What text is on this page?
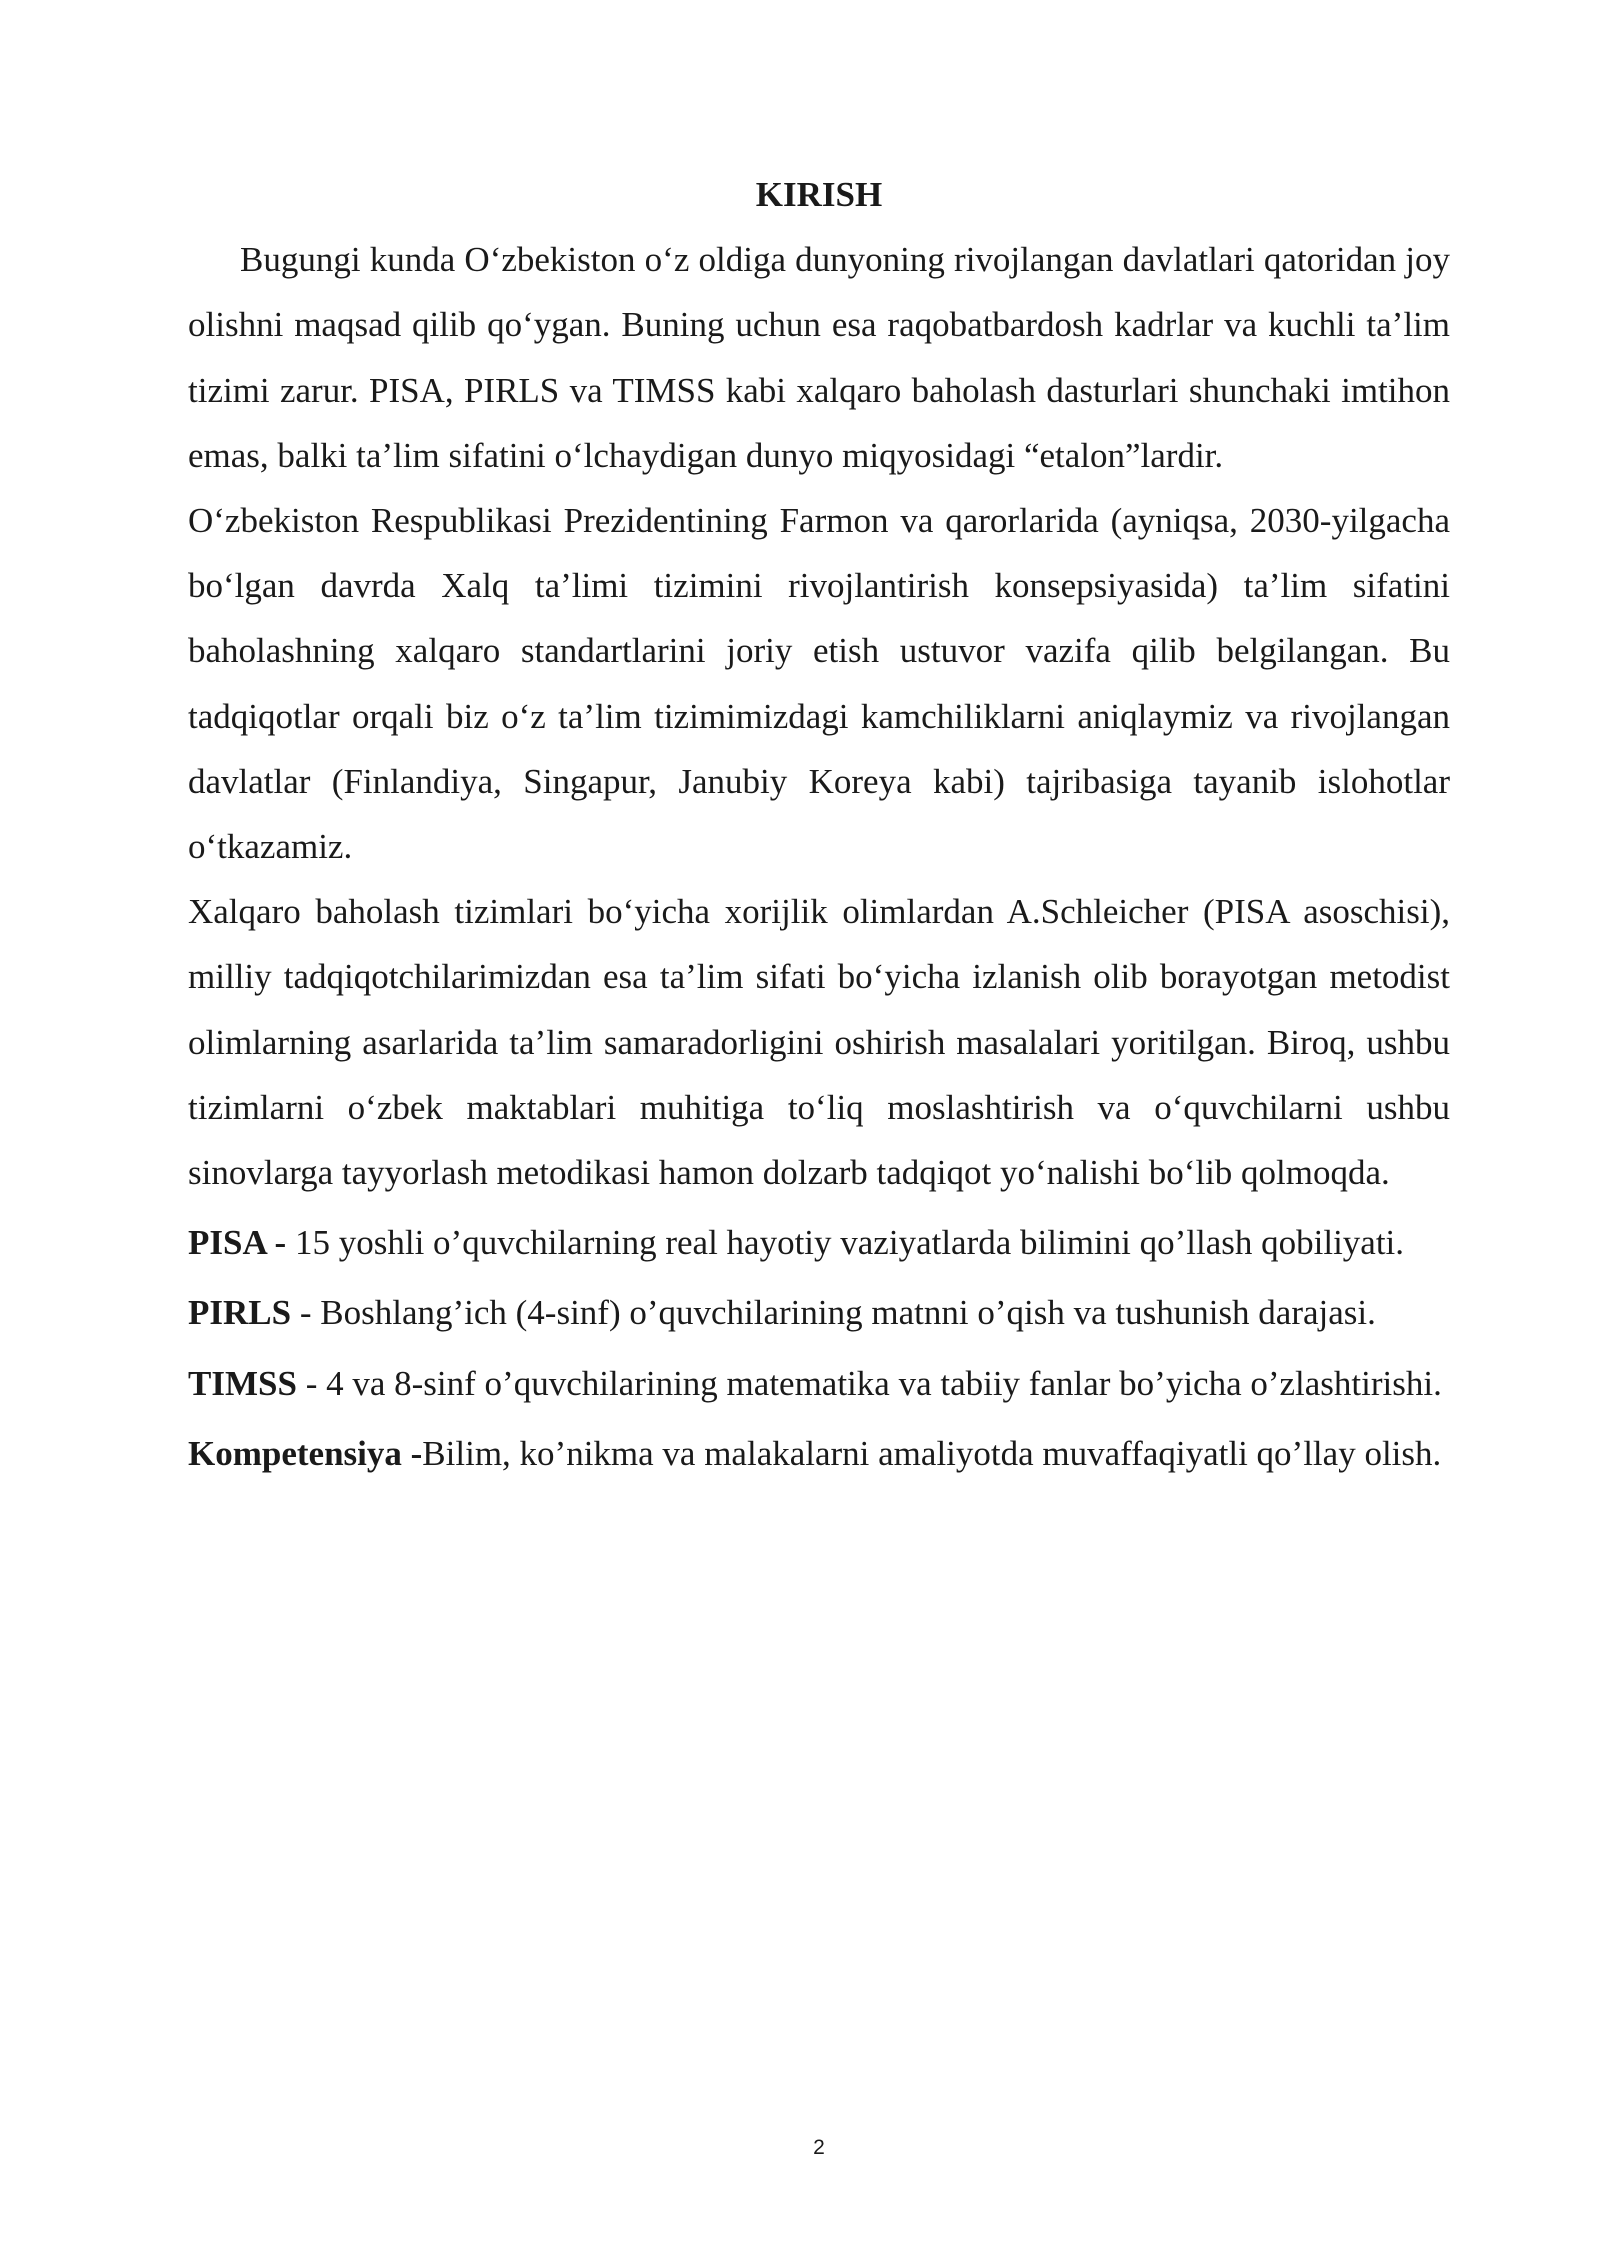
KIRISH

Bugungi kunda O‘zbekiston o‘z oldiga dunyoning rivojlangan davlatlari qatoridan joy olishni maqsad qilib qo‘ygan. Buning uchun esa raqobatbardosh kadrlar va kuchli ta’lim tizimi zarur. PISA, PIRLS va TIMSS kabi xalqaro baholash dasturlari shunchaki imtihon emas, balki ta’lim sifatini o‘lchaydigan dunyo miqyosidagi “etalon”lardir.

O‘zbekiston Respublikasi Prezidentining Farmon va qarorlarida (ayniqsa, 2030-yilgacha bo‘lgan davrda Xalq ta’limi tizimini rivojlantirish konsepsiyasida) ta’lim sifatini baholashning xalqaro standartlarini joriy etish ustuvor vazifa qilib belgilangan. Bu tadqiqotlar orqali biz o‘z ta’lim tizimimizdagi kamchiliklarni aniqlaymiz va rivojlangan davlatlar (Finlandiya, Singapur, Janubiy Koreya kabi) tajribasiga tayanib islohotlar o‘tkazamiz.

Xalqaro baholash tizimlari bo‘yicha xorijlik olimlardan A.Schleicher (PISA asoschisi), milliy tadqiqotchilarimizdan esa ta’lim sifati bo‘yicha izlanish olib borayotgan metodist olimlarning asarlarida ta’lim samaradorligini oshirish masalalari yoritilgan. Biroq, ushbu tizimlarni o‘zbek maktablari muhitiga to‘liq moslashtirish va o‘quvchilarni ushbu sinovlarga tayyorlash metodikasi hamon dolzarb tadqiqot yo‘nalishi bo‘lib qolmoqda.

PISA - 15 yoshli o’quvchilarning real hayotiy vaziyatlarda bilimini qo’llash qobiliyati.

PIRLS - Boshlang’ich (4-sinf) o’quvchilarining matnni o’qish va tushunish darajasi.

TIMSS - 4 va 8-sinf o’quvchilarining matematika va tabiiy fanlar bo’yicha o’zlashtirishi.

Kompetensiya -Bilim, ko’nikma va malakalarni amaliyotda muvaffaqiyatli qo’llay olish.

2
